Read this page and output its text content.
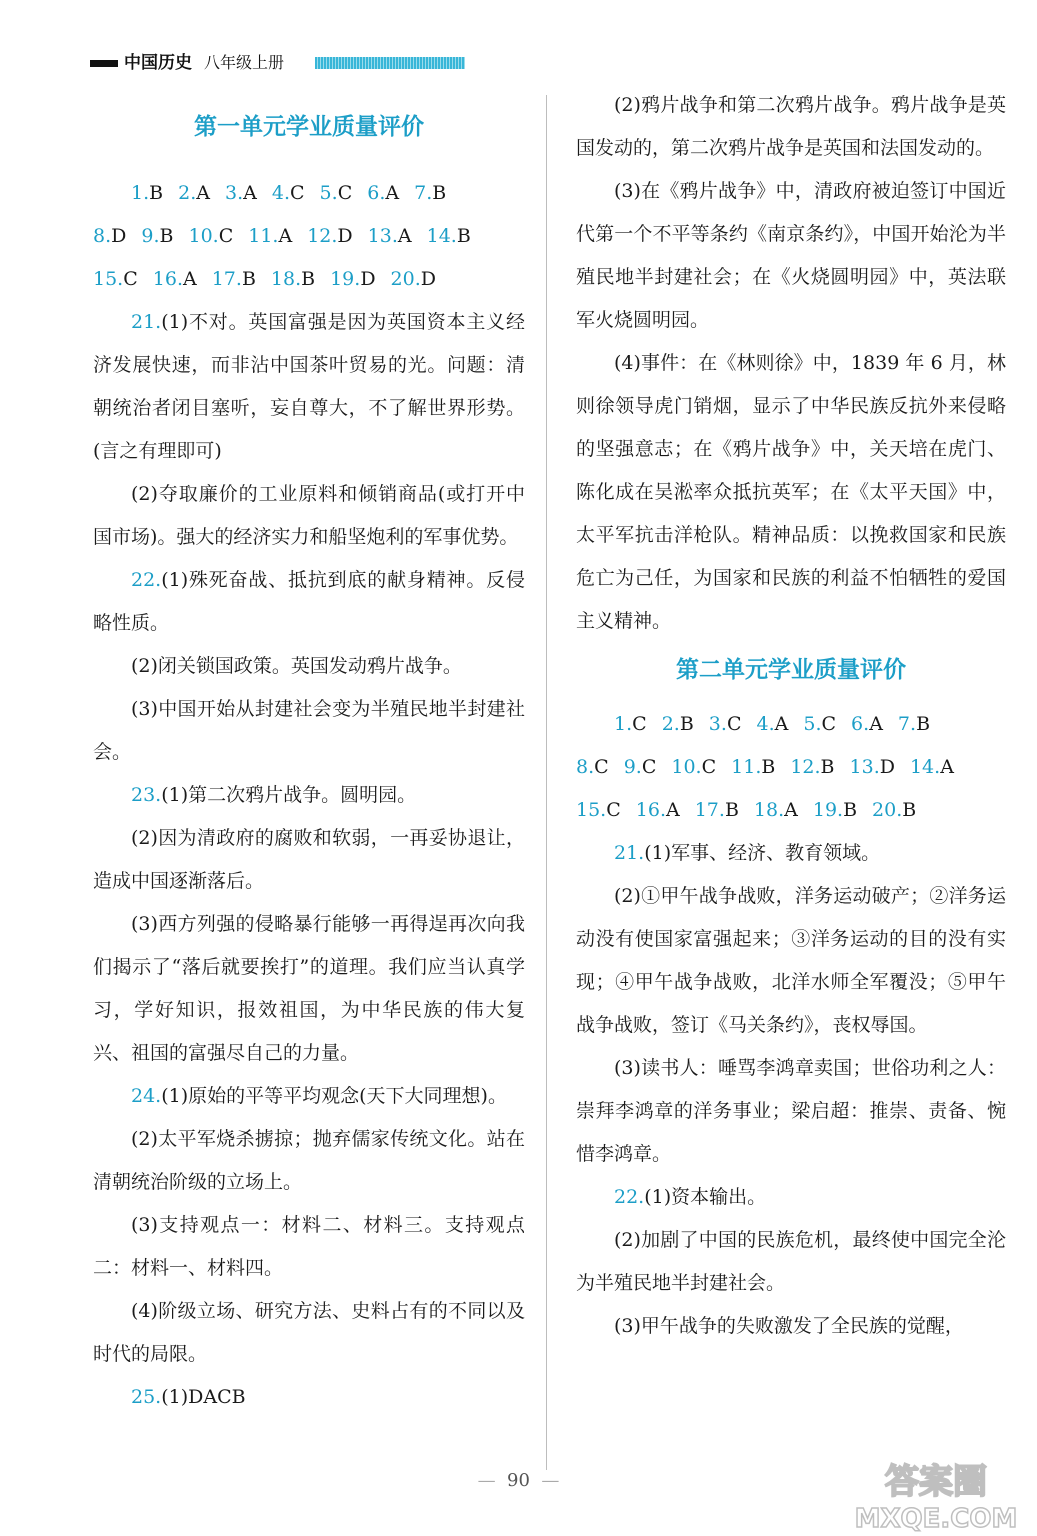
中国历史 八年级上册
第一单元学业质量评价

1.B 2.A 3.A 4.C 5.C 6.A 7.B

8.D 9.B 10.C 11.A 12.D 13.A 14.B

15.C 16.A 17.B 18.B 19.D 20.D

21.(1)不对。英国富强是因为英国资本主义经济发展快速，而非沾中国茶叶贸易的光。问题：清朝统治者闭目塞听，妄自尊大，不了解世界形势。(言之有理即可)

(2)夺取廉价的工业原料和倾销商品(或打开中国市场)。强大的经济实力和船坚炮利的军事优势。

22.(1)殊死奋战、抵抗到底的献身精神。反侵略性质。

(2)闭关锁国政策。英国发动鸦片战争。

(3)中国开始从封建社会变为半殖民地半封建社会。

23.(1)第二次鸦片战争。圆明园。

(2)因为清政府的腐败和软弱，一再妥协退让，造成中国逐渐落后。

(3)西方列强的侵略暴行能够一再得逞再次向我们揭示了“落后就要挨打”的道理。我们应当认真学习，学好知识，报效祖国，为中华民族的伟大复兴、祖国的富强尽自己的力量。

24.(1)原始的平等平均观念(天下大同理想)。

(2)太平军烧杀掳掠；抛弃儒家传统文化。站在清朝统治阶级的立场上。

(3)支持观点一：材料二、材料三。支持观点二：材料一、材料四。

(4)阶级立场、研究方法、史料占有的不同以及时代的局限。

25.(1)DACB

(2)鸦片战争和第二次鸦片战争。鸦片战争是英国发动的，第二次鸦片战争是英国和法国发动的。

(3)在《鸦片战争》中，清政府被迫签订中国近代第一个不平等条约《南京条约》，中国开始沦为半殖民地半封建社会；在《火烧圆明园》中，英法联军火烧圆明园。

(4)事件：在《林则徐》中，1839 年 6 月，林则徐领导虎门销烟，显示了中华民族反抗外来侵略的坚强意志；在《鸦片战争》中，关天培在虎门、陈化成在吴淞率众抵抗英军；在《太平天国》中，太平军抗击洋枪队。精神品质：以挽救国家和民族危亡为己任，为国家和民族的利益不怕牺牲的爱国主义精神。

第二单元学业质量评价

1.C 2.B 3.C 4.A 5.C 6.A 7.B

8.C 9.C 10.C 11.B 12.B 13.D 14.A

15.C 16.A 17.B 18.A 19.B 20.B

21.(1)军事、经济、教育领域。

(2)①甲午战争战败，洋务运动破产；②洋务运动没有使国家富强起来；③洋务运动的目的没有实现；④甲午战争战败，北洋水师全军覆没；⑤甲午战争战败，签订《马关条约》，丧权辱国。

(3)读书人：唾骂李鸿章卖国；世俗功利之人：崇拜李鸿章的洋务事业；梁启超：推崇、责备、惋惜李鸿章。

22.(1)资本输出。

(2)加剧了中国的民族危机，最终使中国完全沦为半殖民地半封建社会。

(3)甲午战争的失败激发了全民族的觉醒，

—  90  —	答案圈
MXQE.COM
